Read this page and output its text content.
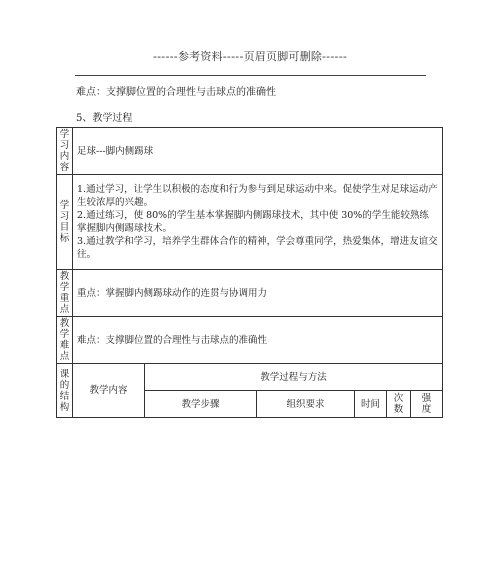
------参考资料-----页眉页脚可删除------
难点：支撑脚位置的合理性与击球点的准确性
5、教学过程
学习内容	足球---脚内侧踢球					

学习目标	1.通过学习，让学生以积极的态度和行为参与到足球运动中来。促使学生对足球运动产生较浓厚的兴趣。
2.通过练习，使 80%的学生基本掌握脚内侧踢球技术，其中使 30%的学生能较熟练掌握脚内侧踢球技术。
3.通过教学和学习，培养学生群体合作的精神，学会尊重同学，热爱集体，增进友谊交往。					

教学重点	重点：掌握脚内侧踢球动作的连贯与协调用力					

教学难点	难点：支撑脚位置的合理性与击球点的准确性					

课的结构	教学内容	教学过程与方法				
		教学步骤	组织要求	时间	次数	强度
